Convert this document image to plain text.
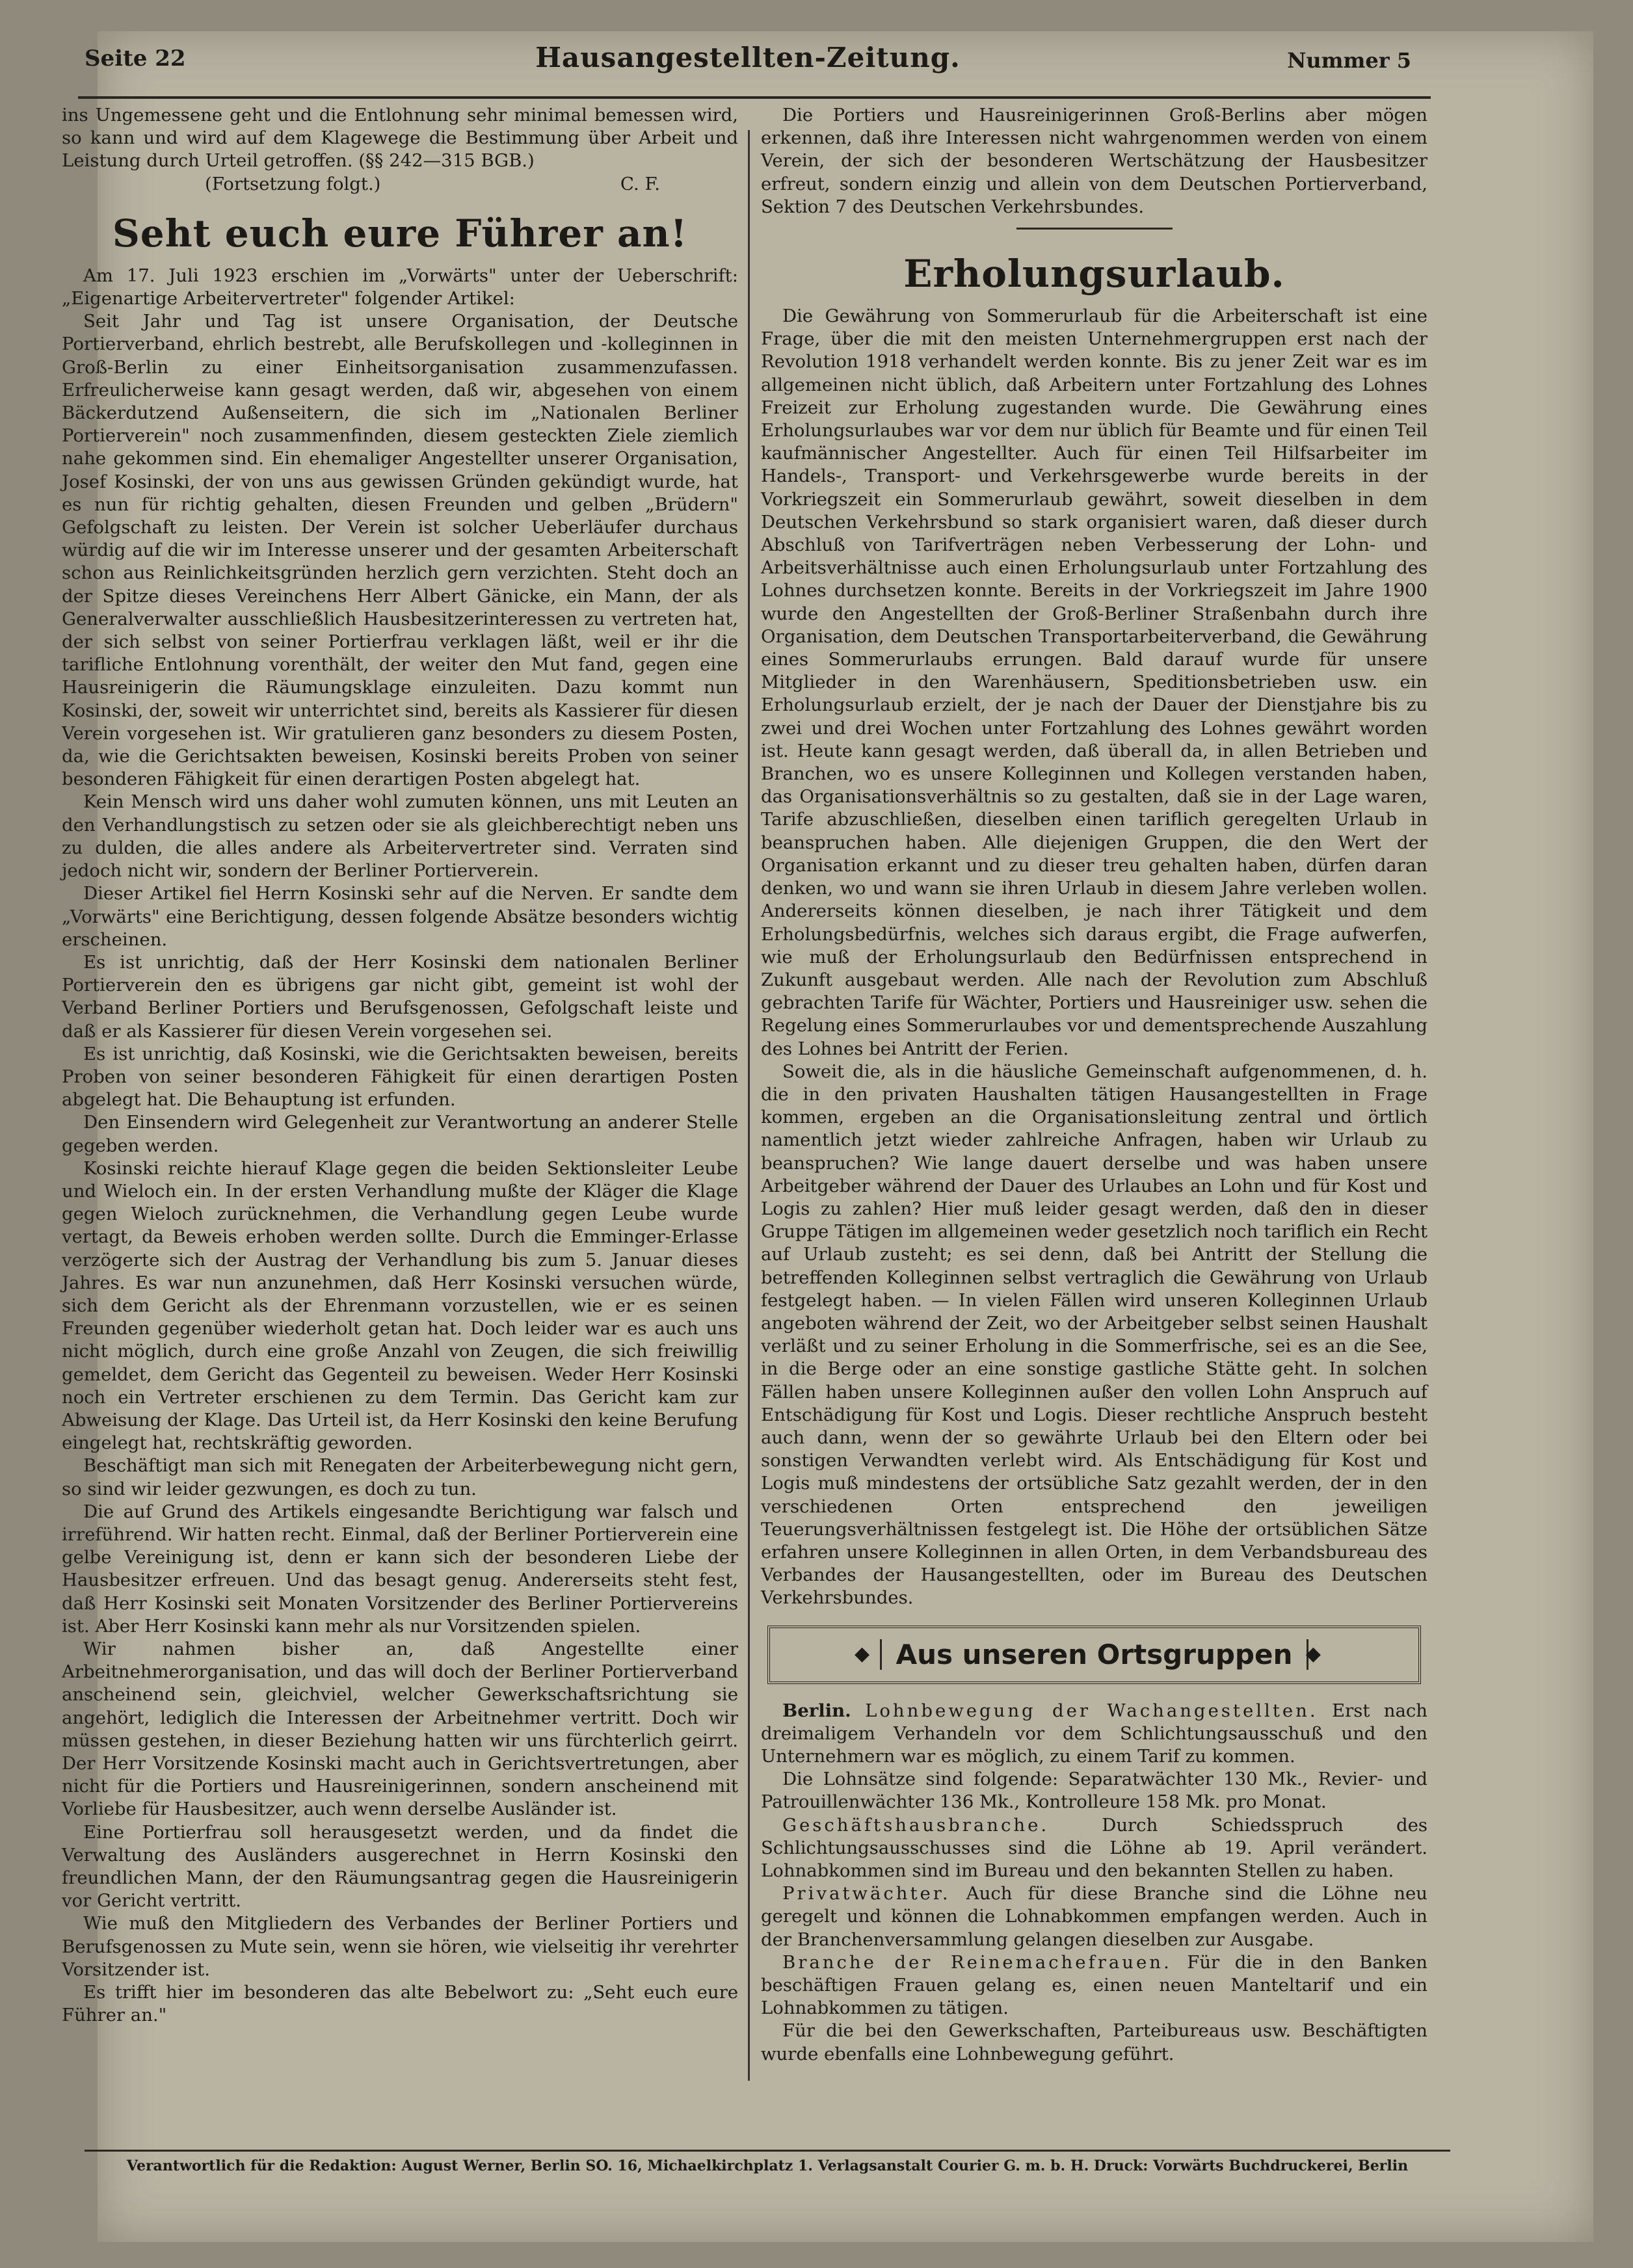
Seite 22	Hausangestellten-Zeitung.	Nummer 5

ins Ungemessene geht und die Entlohnung sehr minimal bemessen wird, so kann und wird auf dem Klagewege die Bestimmung über Arbeit und Leistung durch Urteil getroffen. (§§ 242—315 BGB.)

(Fortsetzung folgt.)	C. F.
Seht euch eure Führer an!

Am 17. Juli 1923 erschien im „Vorwärts" unter der Ueberschrift: „Eigenartige Arbeitervertreter" folgender Artikel:

Seit Jahr und Tag ist unsere Organisation, der Deutsche Portierverband, ehrlich bestrebt, alle Berufskollegen und -kolleginnen in Groß-Berlin zu einer Einheitsorganisation zusammenzufassen. Erfreulicherweise kann gesagt werden, daß wir, abgesehen von einem Bäckerdutzend Außenseitern, die sich im „Nationalen Berliner Portierverein" noch zusammenfinden, diesem gesteckten Ziele ziemlich nahe gekommen sind. Ein ehemaliger Angestellter unserer Organisation, Josef Kosinski, der von uns aus gewissen Gründen gekündigt wurde, hat es nun für richtig gehalten, diesen Freunden und gelben „Brüdern" Gefolgschaft zu leisten. Der Verein ist solcher Ueberläufer durchaus würdig auf die wir im Interesse unserer und der gesamten Arbeiterschaft schon aus Reinlichkeitsgründen herzlich gern verzichten. Steht doch an der Spitze dieses Vereinchens Herr Albert Gänicke, ein Mann, der als Generalverwalter ausschließlich Hausbesitzerinteressen zu vertreten hat, der sich selbst von seiner Portierfrau verklagen läßt, weil er ihr die tarifliche Entlohnung vorenthält, der weiter den Mut fand, gegen eine Hausreinigerin die Räumungsklage einzuleiten. Dazu kommt nun Kosinski, der, soweit wir unterrichtet sind, bereits als Kassierer für diesen Verein vorgesehen ist. Wir gratulieren ganz besonders zu diesem Posten, da, wie die Gerichtsakten beweisen, Kosinski bereits Proben von seiner besonderen Fähigkeit für einen derartigen Posten abgelegt hat.

Kein Mensch wird uns daher wohl zumuten können, uns mit Leuten an den Verhandlungstisch zu setzen oder sie als gleichberechtigt neben uns zu dulden, die alles andere als Arbeitervertreter sind. Verraten sind jedoch nicht wir, sondern der Berliner Portierverein.

Dieser Artikel fiel Herrn Kosinski sehr auf die Nerven. Er sandte dem „Vorwärts" eine Berichtigung, dessen folgende Absätze besonders wichtig erscheinen.

Es ist unrichtig, daß der Herr Kosinski dem nationalen Berliner Portierverein den es übrigens gar nicht gibt, gemeint ist wohl der Verband Berliner Portiers und Berufsgenossen, Gefolgschaft leiste und daß er als Kassierer für diesen Verein vorgesehen sei.

Es ist unrichtig, daß Kosinski, wie die Gerichtsakten beweisen, bereits Proben von seiner besonderen Fähigkeit für einen derartigen Posten abgelegt hat. Die Behauptung ist erfunden.

Den Einsendern wird Gelegenheit zur Verantwortung an anderer Stelle gegeben werden.

Kosinski reichte hierauf Klage gegen die beiden Sektionsleiter Leube und Wieloch ein. In der ersten Verhandlung mußte der Kläger die Klage gegen Wieloch zurücknehmen, die Verhandlung gegen Leube wurde vertagt, da Beweis erhoben werden sollte. Durch die Emminger-Erlasse verzögerte sich der Austrag der Verhandlung bis zum 5. Januar dieses Jahres. Es war nun anzunehmen, daß Herr Kosinski versuchen würde, sich dem Gericht als der Ehrenmann vorzustellen, wie er es seinen Freunden gegenüber wiederholt getan hat. Doch leider war es auch uns nicht möglich, durch eine große Anzahl von Zeugen, die sich freiwillig gemeldet, dem Gericht das Gegenteil zu beweisen. Weder Herr Kosinski noch ein Vertreter erschienen zu dem Termin. Das Gericht kam zur Abweisung der Klage. Das Urteil ist, da Herr Kosinski den keine Berufung eingelegt hat, rechtskräftig geworden.

Beschäftigt man sich mit Renegaten der Arbeiterbewegung nicht gern, so sind wir leider gezwungen, es doch zu tun.

Die auf Grund des Artikels eingesandte Berichtigung war falsch und irreführend. Wir hatten recht. Einmal, daß der Berliner Portierverein eine gelbe Vereinigung ist, denn er kann sich der besonderen Liebe der Hausbesitzer erfreuen. Und das besagt genug. Andererseits steht fest, daß Herr Kosinski seit Monaten Vorsitzender des Berliner Portiervereins ist. Aber Herr Kosinski kann mehr als nur Vorsitzenden spielen.

Wir nahmen bisher an, daß Angestellte einer Arbeitnehmerorganisation, und das will doch der Berliner Portierverband anscheinend sein, gleichviel, welcher Gewerkschaftsrichtung sie angehört, lediglich die Interessen der Arbeitnehmer vertritt. Doch wir müssen gestehen, in dieser Beziehung hatten wir uns fürchterlich geirrt. Der Herr Vorsitzende Kosinski macht auch in Gerichtsvertretungen, aber nicht für die Portiers und Hausreinigerinnen, sondern anscheinend mit Vorliebe für Hausbesitzer, auch wenn derselbe Ausländer ist.

Eine Portierfrau soll herausgesetzt werden, und da findet die Verwaltung des Ausländers ausgerechnet in Herrn Kosinski den freundlichen Mann, der den Räumungsantrag gegen die Hausreinigerin vor Gericht vertritt.

Wie muß den Mitgliedern des Verbandes der Berliner Portiers und Berufsgenossen zu Mute sein, wenn sie hören, wie vielseitig ihr verehrter Vorsitzender ist.

Es trifft hier im besonderen das alte Bebelwort zu: „Seht euch eure Führer an."

Die Portiers und Hausreinigerinnen Groß-Berlins aber mögen erkennen, daß ihre Interessen nicht wahrgenommen werden von einem Verein, der sich der besonderen Wertschätzung der Hausbesitzer erfreut, sondern einzig und allein von dem Deutschen Portierverband, Sektion 7 des Deutschen Verkehrsbundes.

Erholungsurlaub.

Die Gewährung von Sommerurlaub für die Arbeiterschaft ist eine Frage, über die mit den meisten Unternehmergruppen erst nach der Revolution 1918 verhandelt werden konnte. Bis zu jener Zeit war es im allgemeinen nicht üblich, daß Arbeitern unter Fortzahlung des Lohnes Freizeit zur Erholung zugestanden wurde. Die Gewährung eines Erholungsurlaubes war vor dem nur üblich für Beamte und für einen Teil kaufmännischer Angestellter. Auch für einen Teil Hilfsarbeiter im Handels-, Transport- und Verkehrsgewerbe wurde bereits in der Vorkriegszeit ein Sommerurlaub gewährt, soweit dieselben in dem Deutschen Verkehrsbund so stark organisiert waren, daß dieser durch Abschluß von Tarifverträgen neben Verbesserung der Lohn- und Arbeitsverhältnisse auch einen Erholungsurlaub unter Fortzahlung des Lohnes durchsetzen konnte. Bereits in der Vorkriegszeit im Jahre 1900 wurde den Angestellten der Groß-Berliner Straßenbahn durch ihre Organisation, dem Deutschen Transportarbeiterverband, die Gewährung eines Sommerurlaubs errungen. Bald darauf wurde für unsere Mitglieder in den Warenhäusern, Speditionsbetrieben usw. ein Erholungsurlaub erzielt, der je nach der Dauer der Dienstjahre bis zu zwei und drei Wochen unter Fortzahlung des Lohnes gewährt worden ist. Heute kann gesagt werden, daß überall da, in allen Betrieben und Branchen, wo es unsere Kolleginnen und Kollegen verstanden haben, das Organisationsverhältnis so zu gestalten, daß sie in der Lage waren, Tarife abzuschließen, dieselben einen tariflich geregelten Urlaub in beanspruchen haben. Alle diejenigen Gruppen, die den Wert der Organisation erkannt und zu dieser treu gehalten haben, dürfen daran denken, wo und wann sie ihren Urlaub in diesem Jahre verleben wollen. Andererseits können dieselben, je nach ihrer Tätigkeit und dem Erholungsbedürfnis, welches sich daraus ergibt, die Frage aufwerfen, wie muß der Erholungsurlaub den Bedürfnissen entsprechend in Zukunft ausgebaut werden. Alle nach der Revolution zum Abschluß gebrachten Tarife für Wächter, Portiers und Hausreiniger usw. sehen die Regelung eines Sommerurlaubes vor und dementsprechende Auszahlung des Lohnes bei Antritt der Ferien.

Soweit die, als in die häusliche Gemeinschaft aufgenommenen, d. h. die in den privaten Haushalten tätigen Hausangestellten in Frage kommen, ergeben an die Organisationsleitung zentral und örtlich namentlich jetzt wieder zahlreiche Anfragen, haben wir Urlaub zu beanspruchen? Wie lange dauert derselbe und was haben unsere Arbeitgeber während der Dauer des Urlaubes an Lohn und für Kost und Logis zu zahlen? Hier muß leider gesagt werden, daß den in dieser Gruppe Tätigen im allgemeinen weder gesetzlich noch tariflich ein Recht auf Urlaub zusteht; es sei denn, daß bei Antritt der Stellung die betreffenden Kolleginnen selbst vertraglich die Gewährung von Urlaub festgelegt haben. — In vielen Fällen wird unseren Kolleginnen Urlaub angeboten während der Zeit, wo der Arbeitgeber selbst seinen Haushalt verläßt und zu seiner Erholung in die Sommerfrische, sei es an die See, in die Berge oder an eine sonstige gastliche Stätte geht. In solchen Fällen haben unsere Kolleginnen außer den vollen Lohn Anspruch auf Entschädigung für Kost und Logis. Dieser rechtliche Anspruch besteht auch dann, wenn der so gewährte Urlaub bei den Eltern oder bei sonstigen Verwandten verlebt wird. Als Entschädigung für Kost und Logis muß mindestens der ortsübliche Satz gezahlt werden, der in den verschiedenen Orten entsprechend den jeweiligen Teuerungsverhältnissen festgelegt ist. Die Höhe der ortsüblichen Sätze erfahren unsere Kolleginnen in allen Orten, in dem Verbandsbureau des Verbandes der Hausangestellten, oder im Bureau des Deutschen Verkehrsbundes.

◆ Aus unseren Ortsgruppen ◆

Berlin. Lohnbewegung der Wachangestellten. Erst nach dreimaligem Verhandeln vor dem Schlichtungsausschuß und den Unternehmern war es möglich, zu einem Tarif zu kommen.

Die Lohnsätze sind folgende: Separatwächter 130 Mk., Revier- und Patrouillenwächter 136 Mk., Kontrolleure 158 Mk. pro Monat.

Geschäftshausbranche.	Durch Schiedsspruch des Schlichtungsausschusses sind die Löhne ab 19. April verändert. Lohnabkommen sind im Bureau und den bekannten Stellen zu haben.

Privatwächter. Auch für diese Branche sind die Löhne neu geregelt und können die Lohnabkommen empfangen werden. Auch in der Branchenversammlung gelangen dieselben zur Ausgabe.

Branche der Reinemachefrauen. Für die in den Banken beschäftigen Frauen gelang es, einen neuen Manteltarif und ein Lohnabkommen zu tätigen.

Für die bei den Gewerkschaften, Parteibureaus usw. Beschäftigten wurde ebenfalls eine Lohnbewegung geführt.

Verantwortlich für die Redaktion: August Werner, Berlin SO. 16, Michaelkirchplatz 1. Verlagsanstalt Courier G. m. b. H. Druck: Vorwärts Buchdruckerei, Berlin
